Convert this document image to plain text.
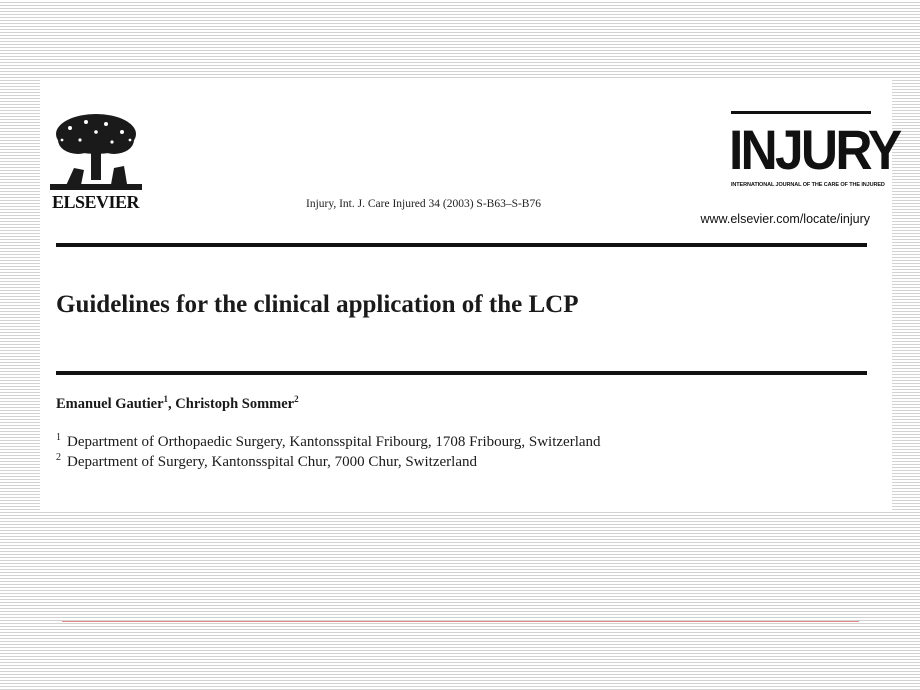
ELSEVIER	Injury, Int. J. Care Injured 34 (2003) S-B63–S-B76
INJURY
INTERNATIONAL JOURNAL OF THE CARE OF THE INJURED
www.elsevier.com/locate/injury
Guidelines for the clinical application of the LCP
Emanuel Gautier$^1$, Christoph Sommer$^2$
$^1$ Department of Orthopaedic Surgery, Kantonsspital Fribourg, 1708 Fribourg, Switzerland
$^2$ Department of Surgery, Kantonsspital Chur, 7000 Chur, Switzerland
